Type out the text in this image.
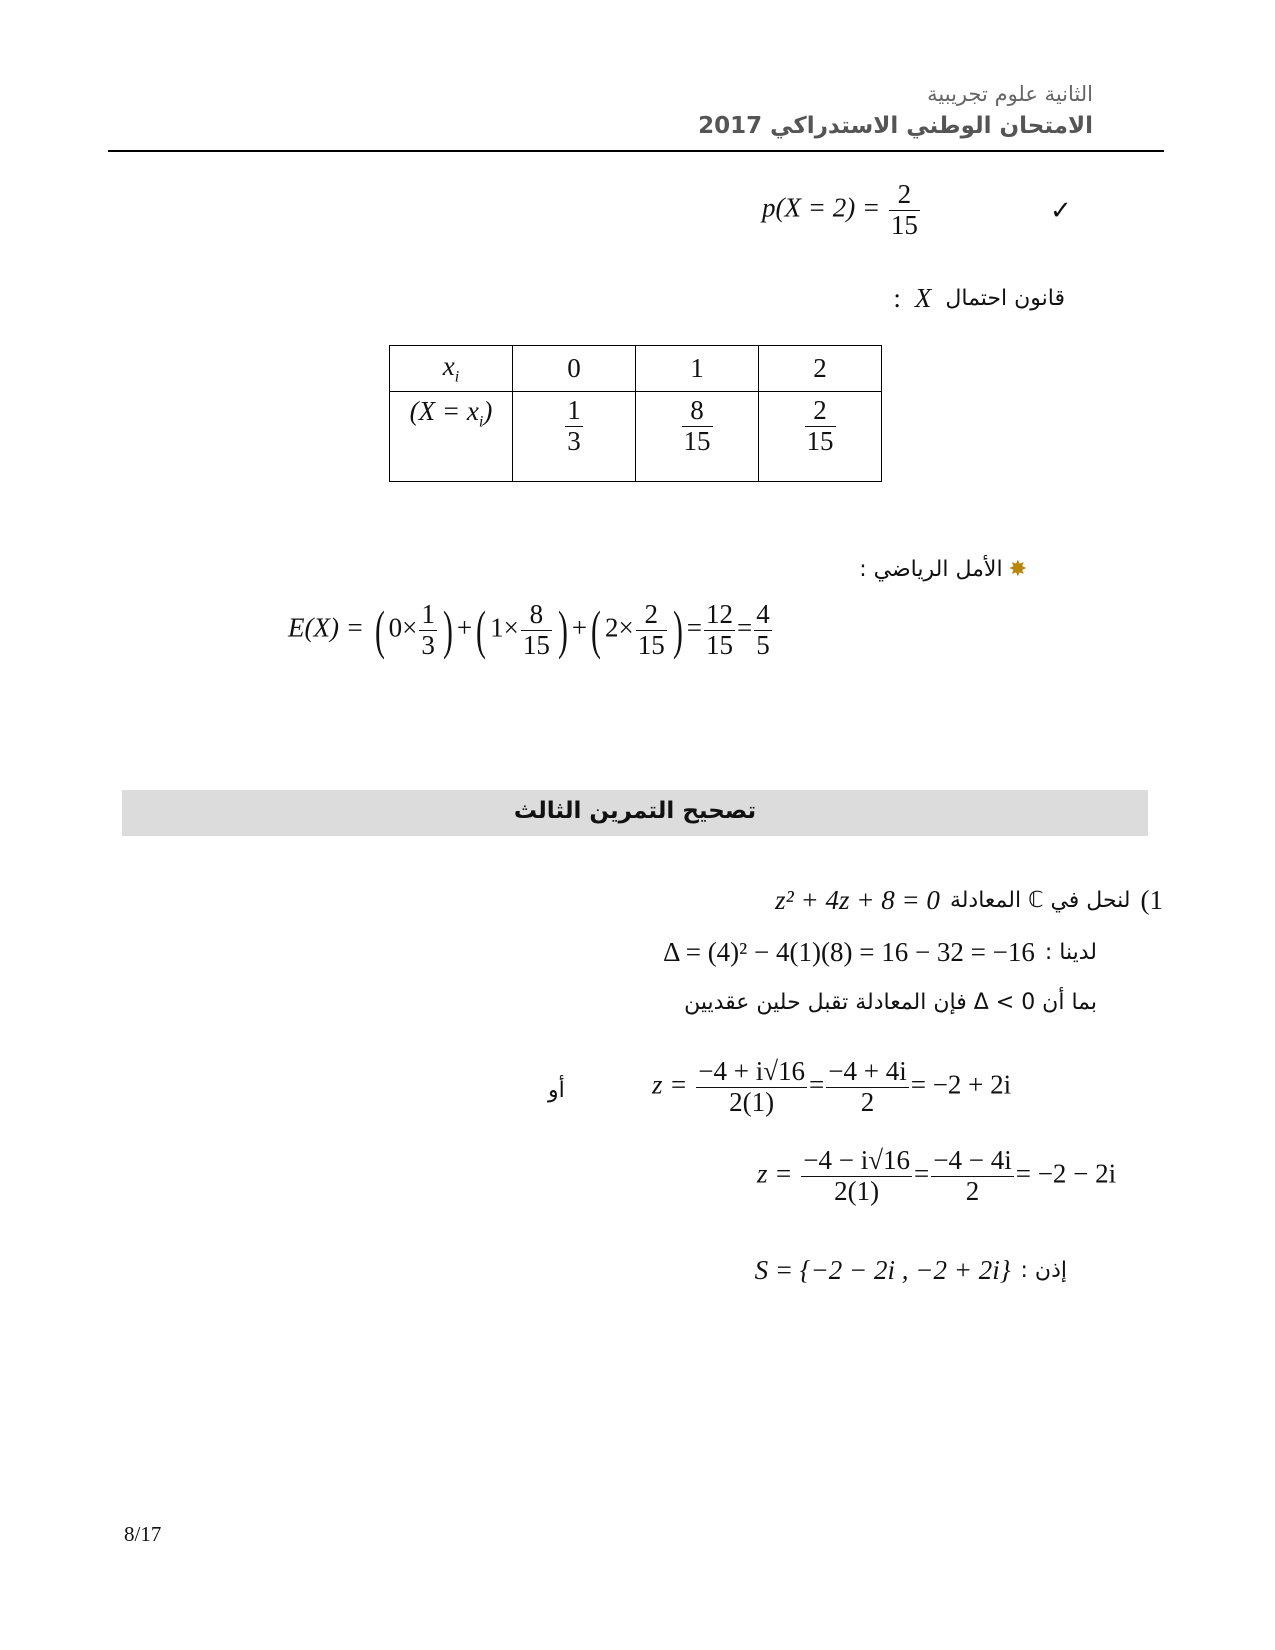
الثانية علوم تجريبية
الامتحان الوطني الاستدراكي 2017
$p(X = 2) = \frac{2}{15}$	✓
: X قانون احتمال
$x_i$	0	1	2
$(X = x_i)$	$\frac{1}{3}$	$\frac{8}{15}$	$\frac{2}{15}$
الأمل الرياضي : ✸
E(X) = ( $0\times \frac{1}{3}$ ) +( $1\times \frac{8}{15}$ ) +( $2\times \frac{2}{15}$ ) = $\frac{12}{15} = \frac{4}{5}$
تصحيح التمرين الثالث
1)
لنحل في ℂ المعادلة
z² + 4z + 8 = 0
لدينا :
Δ = (4)² − 4(1)(8) = 16 − 32 = −16
بما أن Δ < 0 فإن المعادلة تقبل حلين عقديين
$z = \frac{-4 + i√16}{2(1)} = \frac{-4 + 4i}{2} = -2 + 2i$
أو
$z = \frac{-4 - i√16}{2(1)} = \frac{-4 - 4i}{2} = -2 - 2i$
إذن :
S = {−2 − 2i , −2 + 2i}
8/17
